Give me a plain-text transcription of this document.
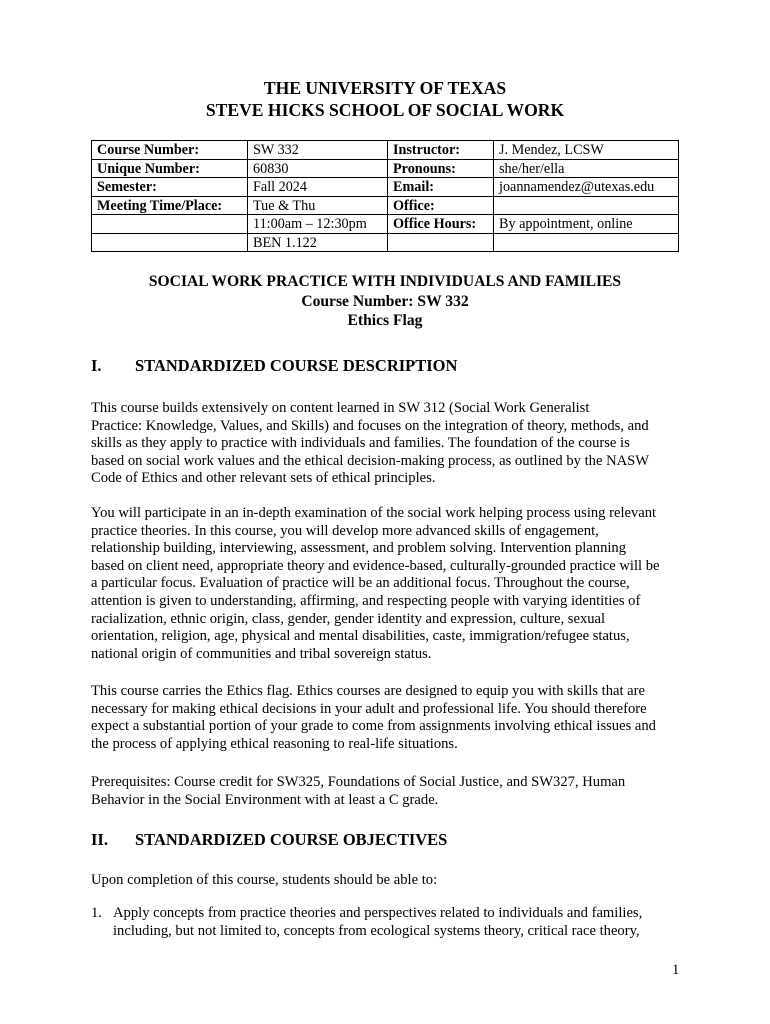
THE UNIVERSITY OF TEXAS
STEVE HICKS SCHOOL OF SOCIAL WORK
Course Number:	SW 332	Instructor:	J. Mendez, LCSW
Unique Number:	60830	Pronouns:	she/her/ella
Semester:	Fall 2024	Email:	joannamendez@utexas.edu
Meeting Time/Place:	Tue & Thu	Office:	
	11:00am – 12:30pm	Office Hours:	By appointment, online
	BEN 1.122		
SOCIAL WORK PRACTICE WITH INDIVIDUALS AND FAMILIES
Course Number: SW 332
Ethics Flag
I. STANDARDIZED COURSE DESCRIPTION
This course builds extensively on content learned in SW 312 (Social Work Generalist
Practice: Knowledge, Values, and Skills) and focuses on the integration of theory, methods, and
skills as they apply to practice with individuals and families. The foundation of the course is
based on social work values and the ethical decision-making process, as outlined by the NASW
Code of Ethics and other relevant sets of ethical principles.
You will participate in an in-depth examination of the social work helping process using relevant
practice theories. In this course, you will develop more advanced skills of engagement,
relationship building, interviewing, assessment, and problem solving. Intervention planning
based on client need, appropriate theory and evidence-based, culturally-grounded practice will be
a particular focus. Evaluation of practice will be an additional focus. Throughout the course,
attention is given to understanding, affirming, and respecting people with varying identities of
racialization, ethnic origin, class, gender, gender identity and expression, culture, sexual
orientation, religion, age, physical and mental disabilities, caste, immigration/refugee status,
national origin of communities and tribal sovereign status.
This course carries the Ethics flag. Ethics courses are designed to equip you with skills that are
necessary for making ethical decisions in your adult and professional life. You should therefore
expect a substantial portion of your grade to come from assignments involving ethical issues and
the process of applying ethical reasoning to real-life situations.
Prerequisites: Course credit for SW325, Foundations of Social Justice, and SW327, Human
Behavior in the Social Environment with at least a C grade.
II. STANDARDIZED COURSE OBJECTIVES
Upon completion of this course, students should be able to:
1. Apply concepts from practice theories and perspectives related to individuals and families,
including, but not limited to, concepts from ecological systems theory, critical race theory,
1
